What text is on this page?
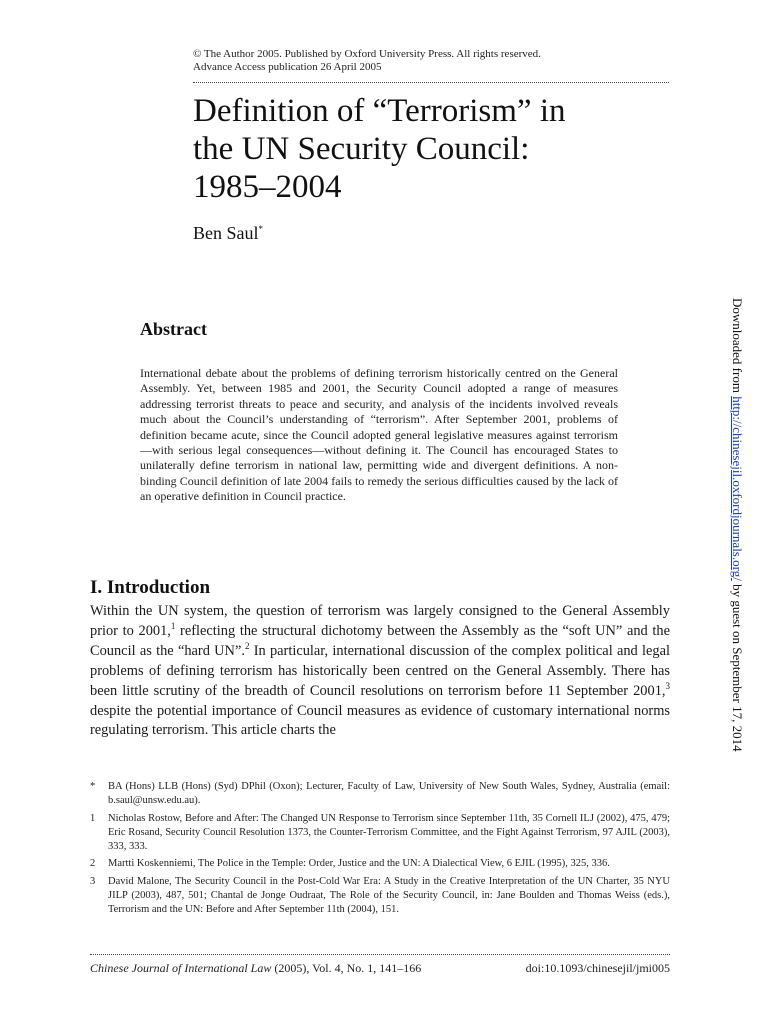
© The Author 2005. Published by Oxford University Press. All rights reserved.
Advance Access publication 26 April 2005
Definition of “Terrorism” in
the UN Security Council:
1985–2004
Ben Saul*
Abstract

International debate about the problems of defining terrorism historically centred on the General Assembly. Yet, between 1985 and 2001, the Security Council adopted a range of measures addressing terrorist threats to peace and security, and analysis of the incidents involved reveals much about the Council’s understanding of “terrorism”. After September 2001, problems of definition became acute, since the Council adopted general legislative measures against terrorism—with serious legal consequences—without defining it. The Council has encouraged States to unilaterally define terrorism in national law, permitting wide and divergent definitions. A non-binding Council definition of late 2004 fails to remedy the serious difficulties caused by the lack of an operative definition in Council practice.

I. Introduction

Within the UN system, the question of terrorism was largely consigned to the General Assembly prior to 2001,$^1$ reflecting the structural dichotomy between the Assembly as the “soft UN” and the Council as the “hard UN”.$^2$ In particular, international discussion of the complex political and legal problems of defining terrorism has historically been centred on the General Assembly. There has been little scrutiny of the breadth of Council resolutions on terrorism before 11 September 2001,$^3$ despite the potential importance of Council measures as evidence of customary international norms regulating terrorism. This article charts the

*	BA (Hons) LLB (Hons) (Syd) DPhil (Oxon); Lecturer, Faculty of Law, University of New South Wales, Sydney, Australia (email: b.saul@unsw.edu.au).
1	Nicholas Rostow, Before and After: The Changed UN Response to Terrorism since September 11th, 35 Cornell ILJ (2002), 475, 479; Eric Rosand, Security Council Resolution 1373, the Counter-Terrorism Committee, and the Fight Against Terrorism, 97 AJIL (2003), 333, 333.
2	Martti Koskenniemi, The Police in the Temple: Order, Justice and the UN: A Dialectical View, 6 EJIL (1995), 325, 336.
3	David Malone, The Security Council in the Post-Cold War Era: A Study in the Creative Interpretation of the UN Charter, 35 NYU JILP (2003), 487, 501; Chantal de Jonge Oudraat, The Role of the Security Council, in: Jane Boulden and Thomas Weiss (eds.), Terrorism and the UN: Before and After September 11th (2004), 151.
Chinese Journal of International Law (2005), Vol. 4, No. 1, 141–166	doi:10.1093/chinesejil/jmi005
Downloaded from http://chinesejil.oxfordjournals.org/ by guest on September 17, 2014
